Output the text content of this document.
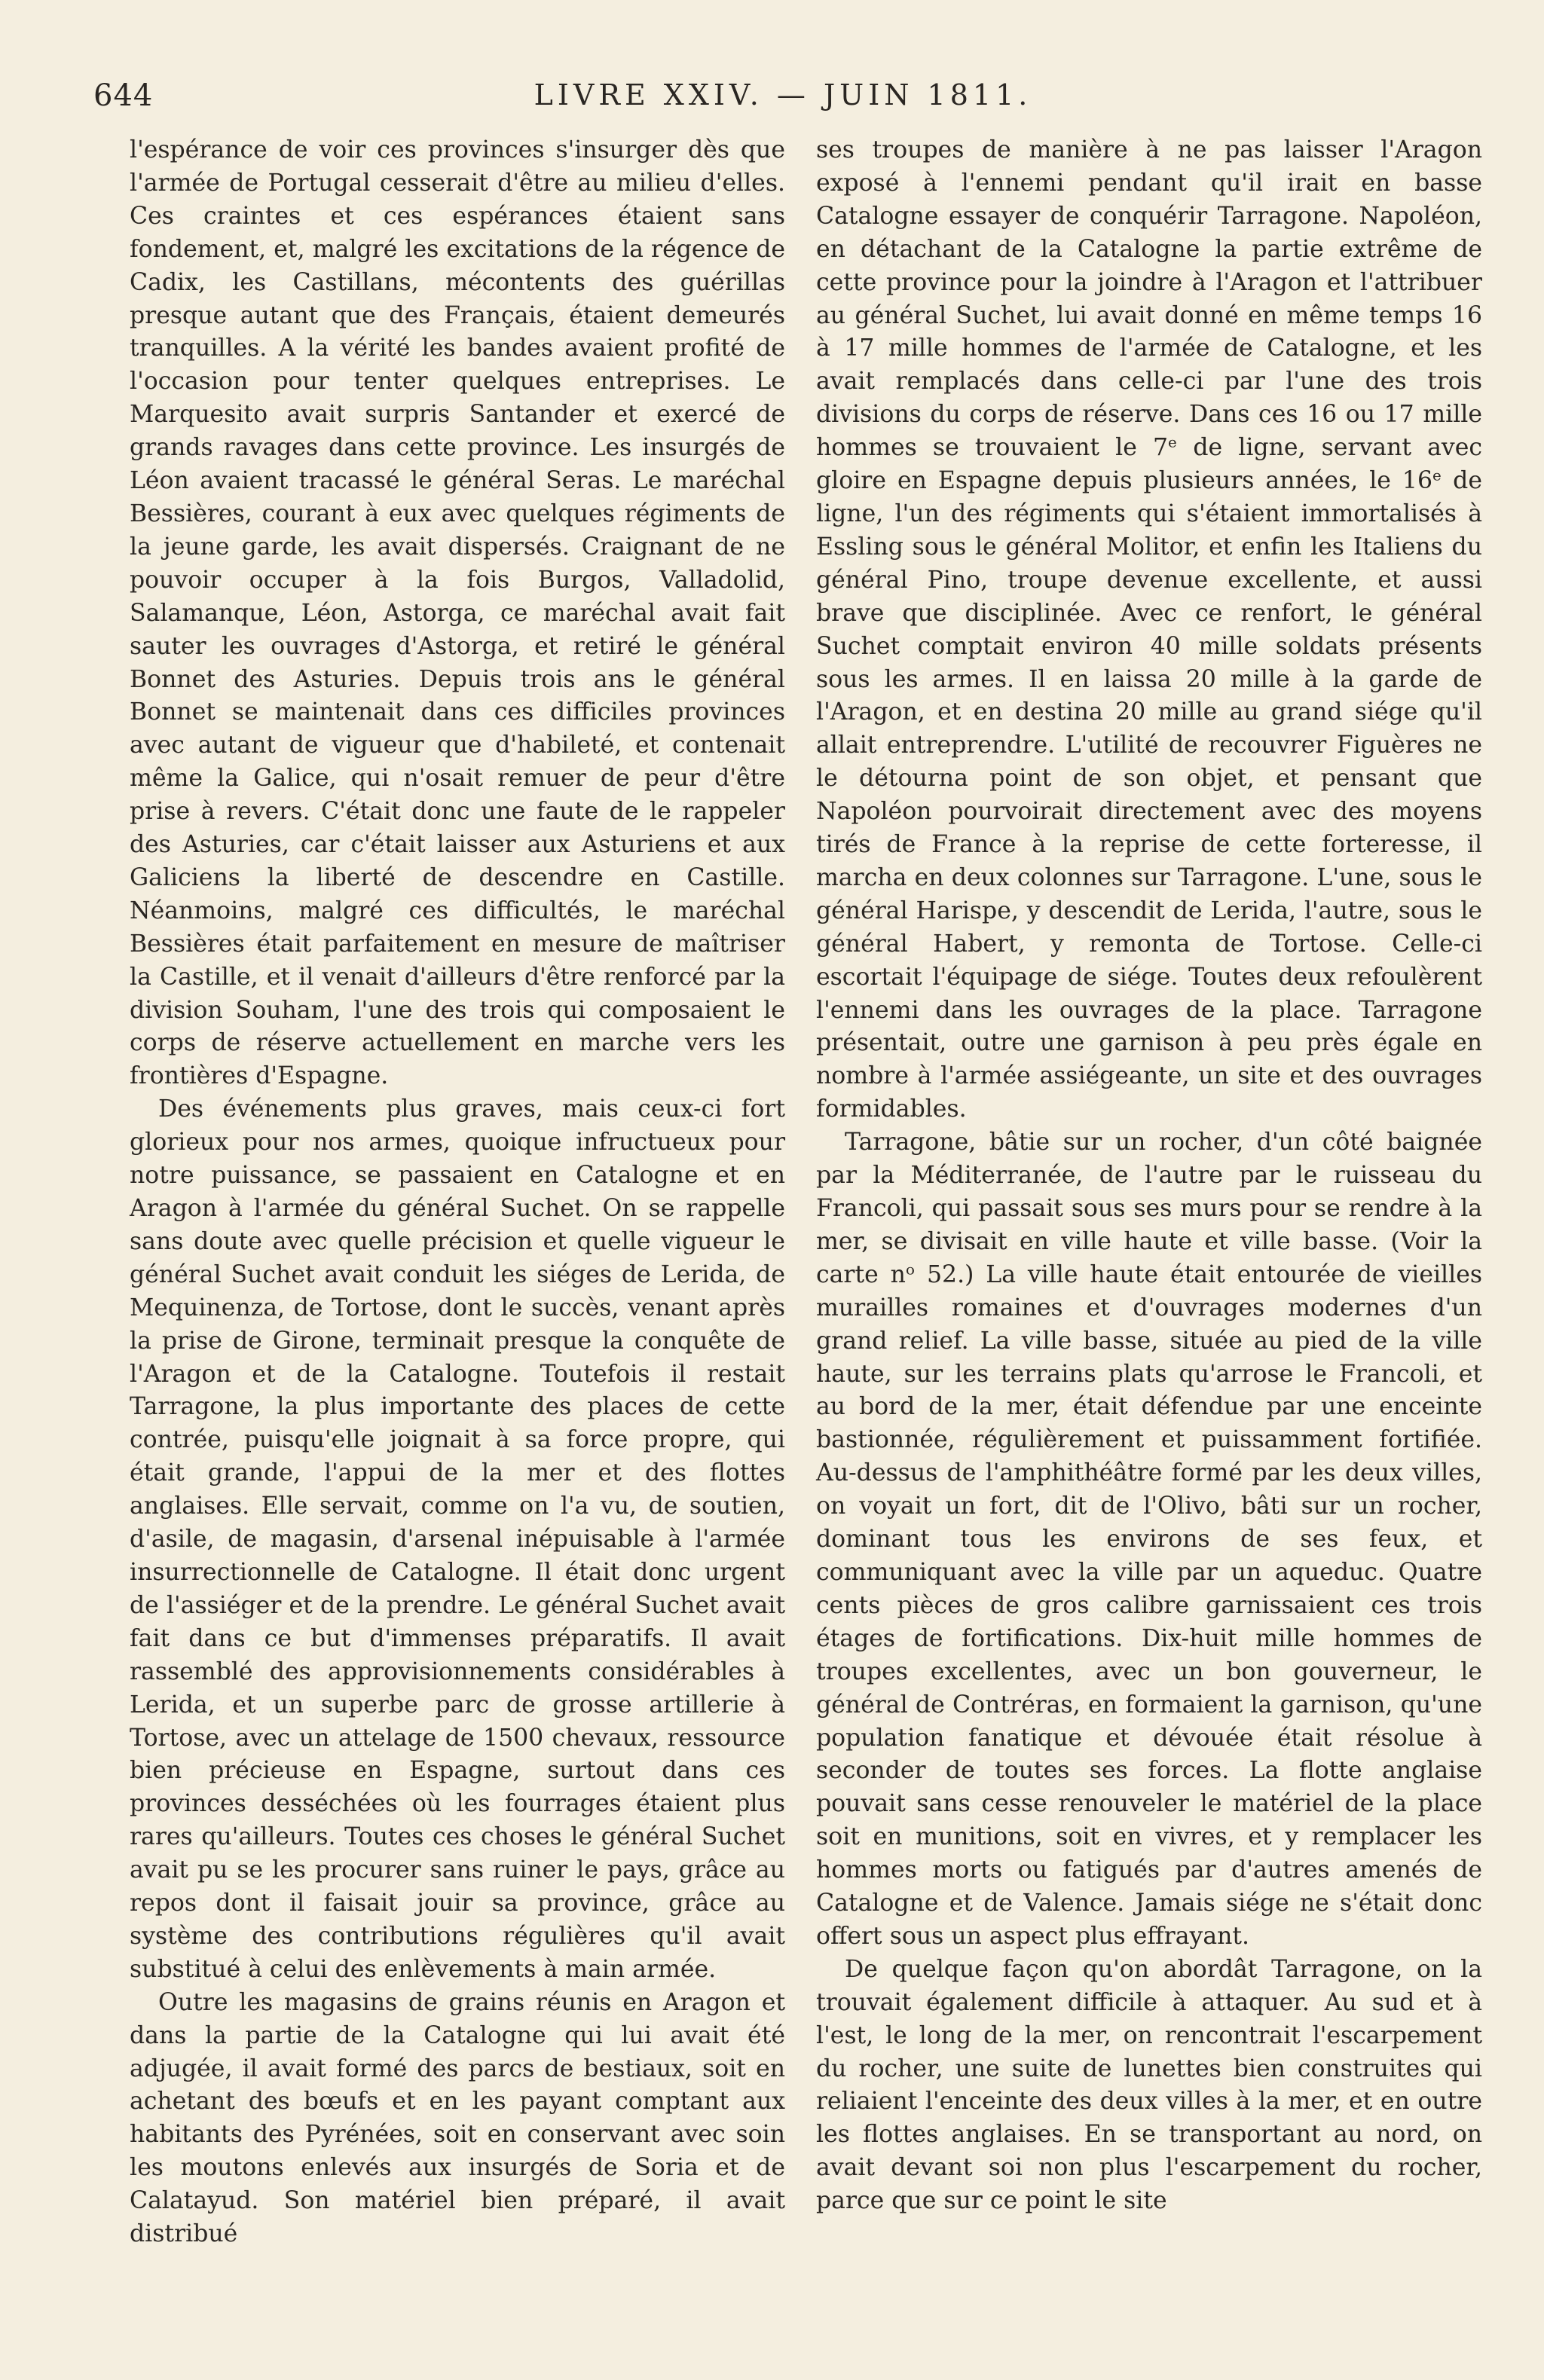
644	LIVRE XXIV. — JUIN 1811.

l'espérance de voir ces provinces s'insurger dès que l'armée de Portugal cesserait d'être au milieu d'elles. Ces craintes et ces espérances étaient sans fondement, et, malgré les excitations de la régence de Cadix, les Castillans, mécontents des guérillas presque autant que des Français, étaient demeurés tranquilles. A la vérité les bandes avaient profité de l'occasion pour tenter quelques entreprises. Le Marquesito avait surpris Santander et exercé de grands ravages dans cette province. Les insurgés de Léon avaient tracassé le général Seras. Le maréchal Bessières, courant à eux avec quelques régiments de la jeune garde, les avait dispersés. Craignant de ne pouvoir occuper à la fois Burgos, Valladolid, Salamanque, Léon, Astorga, ce maréchal avait fait sauter les ouvrages d'Astorga, et retiré le général Bonnet des Asturies. Depuis trois ans le général Bonnet se maintenait dans ces difficiles provinces avec autant de vigueur que d'habileté, et contenait même la Galice, qui n'osait remuer de peur d'être prise à revers. C'était donc une faute de le rappeler des Asturies, car c'était laisser aux Asturiens et aux Galiciens la liberté de descendre en Castille. Néanmoins, malgré ces difficultés, le maréchal Bessières était parfaitement en mesure de maîtriser la Castille, et il venait d'ailleurs d'être renforcé par la division Souham, l'une des trois qui composaient le corps de réserve actuellement en marche vers les frontières d'Espagne.

Des événements plus graves, mais ceux-ci fort glorieux pour nos armes, quoique infructueux pour notre puissance, se passaient en Catalogne et en Aragon à l'armée du général Suchet. On se rappelle sans doute avec quelle précision et quelle vigueur le général Suchet avait conduit les siéges de Lerida, de Mequinenza, de Tortose, dont le succès, venant après la prise de Girone, terminait presque la conquête de l'Aragon et de la Catalogne. Toutefois il restait Tarragone, la plus importante des places de cette contrée, puisqu'elle joignait à sa force propre, qui était grande, l'appui de la mer et des flottes anglaises. Elle servait, comme on l'a vu, de soutien, d'asile, de magasin, d'arsenal inépuisable à l'armée insurrectionnelle de Catalogne. Il était donc urgent de l'assiéger et de la prendre. Le général Suchet avait fait dans ce but d'immenses préparatifs. Il avait rassemblé des approvisionnements considérables à Lerida, et un superbe parc de grosse artillerie à Tortose, avec un attelage de 1500 chevaux, ressource bien précieuse en Espagne, surtout dans ces provinces desséchées où les fourrages étaient plus rares qu'ailleurs. Toutes ces choses le général Suchet avait pu se les procurer sans ruiner le pays, grâce au repos dont il faisait jouir sa province, grâce au système des contributions régulières qu'il avait substitué à celui des enlèvements à main armée.

Outre les magasins de grains réunis en Aragon et dans la partie de la Catalogne qui lui avait été adjugée, il avait formé des parcs de bestiaux, soit en achetant des bœufs et en les payant comptant aux habitants des Pyrénées, soit en conservant avec soin les moutons enlevés aux insurgés de Soria et de Calatayud. Son matériel bien préparé, il avait distribué

ses troupes de manière à ne pas laisser l'Aragon exposé à l'ennemi pendant qu'il irait en basse Catalogne essayer de conquérir Tarragone. Napoléon, en détachant de la Catalogne la partie extrême de cette province pour la joindre à l'Aragon et l'attribuer au général Suchet, lui avait donné en même temps 16 à 17 mille hommes de l'armée de Catalogne, et les avait remplacés dans celle-ci par l'une des trois divisions du corps de réserve. Dans ces 16 ou 17 mille hommes se trouvaient le 7ᵉ de ligne, servant avec gloire en Espagne depuis plusieurs années, le 16ᵉ de ligne, l'un des régiments qui s'étaient immortalisés à Essling sous le général Molitor, et enfin les Italiens du général Pino, troupe devenue excellente, et aussi brave que disciplinée. Avec ce renfort, le général Suchet comptait environ 40 mille soldats présents sous les armes. Il en laissa 20 mille à la garde de l'Aragon, et en destina 20 mille au grand siége qu'il allait entreprendre. L'utilité de recouvrer Figuères ne le détourna point de son objet, et pensant que Napoléon pourvoirait directement avec des moyens tirés de France à la reprise de cette forteresse, il marcha en deux colonnes sur Tarragone. L'une, sous le général Harispe, y descendit de Lerida, l'autre, sous le général Habert, y remonta de Tortose. Celle-ci escortait l'équipage de siége. Toutes deux refoulèrent l'ennemi dans les ouvrages de la place. Tarragone présentait, outre une garnison à peu près égale en nombre à l'armée assiégeante, un site et des ouvrages formidables.

Tarragone, bâtie sur un rocher, d'un côté baignée par la Méditerranée, de l'autre par le ruisseau du Francoli, qui passait sous ses murs pour se rendre à la mer, se divisait en ville haute et ville basse. (Voir la carte nᵒ 52.) La ville haute était entourée de vieilles murailles romaines et d'ouvrages modernes d'un grand relief. La ville basse, située au pied de la ville haute, sur les terrains plats qu'arrose le Francoli, et au bord de la mer, était défendue par une enceinte bastionnée, régulièrement et puissamment fortifiée. Au-dessus de l'amphithéâtre formé par les deux villes, on voyait un fort, dit de l'Olivo, bâti sur un rocher, dominant tous les environs de ses feux, et communiquant avec la ville par un aqueduc. Quatre cents pièces de gros calibre garnissaient ces trois étages de fortifications. Dix-huit mille hommes de troupes excellentes, avec un bon gouverneur, le général de Contréras, en formaient la garnison, qu'une population fanatique et dévouée était résolue à seconder de toutes ses forces. La flotte anglaise pouvait sans cesse renouveler le matériel de la place soit en munitions, soit en vivres, et y remplacer les hommes morts ou fatigués par d'autres amenés de Catalogne et de Valence. Jamais siége ne s'était donc offert sous un aspect plus effrayant.

De quelque façon qu'on abordât Tarragone, on la trouvait également difficile à attaquer. Au sud et à l'est, le long de la mer, on rencontrait l'escarpement du rocher, une suite de lunettes bien construites qui reliaient l'enceinte des deux villes à la mer, et en outre les flottes anglaises. En se transportant au nord, on avait devant soi non plus l'escarpement du rocher, parce que sur ce point le site
